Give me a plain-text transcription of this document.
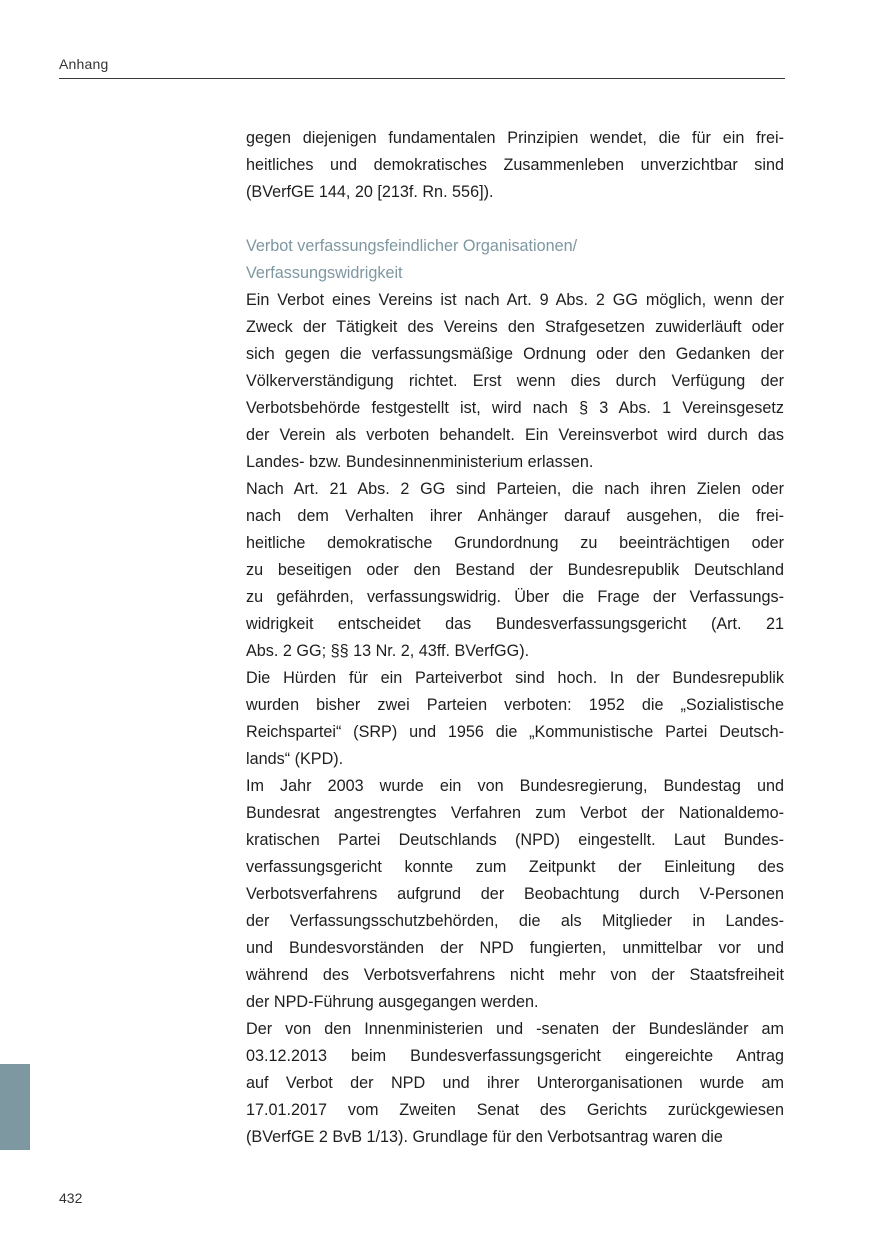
Anhang
gegen diejenigen fundamentalen Prinzipien wendet, die für ein frei-
heitliches und demokratisches Zusammenleben unverzichtbar sind
(BVerfGE 144, 20 [213f. Rn. 556]).
Verbot verfassungsfeindlicher Organisationen/
Verfassungswidrigkeit
Ein Verbot eines Vereins ist nach Art. 9 Abs. 2 GG möglich, wenn der
Zweck der Tätigkeit des Vereins den Strafgesetzen zuwiderläuft oder
sich gegen die verfassungsmäßige Ordnung oder den Gedanken der
Völkerverständigung richtet. Erst wenn dies durch Verfügung der
Verbotsbehörde festgestellt ist, wird nach § 3 Abs. 1 Vereinsgesetz
der Verein als verboten behandelt. Ein Vereinsverbot wird durch das
Landes- bzw. Bundesinnenministerium erlassen.
Nach Art. 21 Abs. 2 GG sind Parteien, die nach ihren Zielen oder
nach dem Verhalten ihrer Anhänger darauf ausgehen, die frei-
heitliche demokratische Grundordnung zu beeinträchtigen oder
zu beseitigen oder den Bestand der Bundesrepublik Deutschland
zu gefährden, verfassungswidrig. Über die Frage der Verfassungs-
widrigkeit entscheidet das Bundesverfassungsgericht (Art. 21
Abs. 2 GG; §§ 13 Nr. 2, 43ff. BVerfGG).
Die Hürden für ein Parteiverbot sind hoch. In der Bundesrepublik
wurden bisher zwei Parteien verboten: 1952 die „Sozialistische
Reichspartei“ (SRP) und 1956 die „Kommunistische Partei Deutsch-
lands“ (KPD).
Im Jahr 2003 wurde ein von Bundesregierung, Bundestag und
Bundesrat angestrengtes Verfahren zum Verbot der Nationaldemo-
kratischen Partei Deutschlands (NPD) eingestellt. Laut Bundes-
verfassungsgericht konnte zum Zeitpunkt der Einleitung des
Verbotsverfahrens aufgrund der Beobachtung durch V-Personen
der Verfassungsschutzbehörden, die als Mitglieder in Landes-
und Bundesvorständen der NPD fungierten, unmittelbar vor und
während des Verbotsverfahrens nicht mehr von der Staatsfreiheit
der NPD-Führung ausgegangen werden.
Der von den Innenministerien und -senaten der Bundesländer am
03.12.2013 beim Bundesverfassungsgericht eingereichte Antrag
auf Verbot der NPD und ihrer Unterorganisationen wurde am
17.01.2017 vom Zweiten Senat des Gerichts zurückgewiesen
(BVerfGE 2 BvB 1/13). Grundlage für den Verbotsantrag waren die
432
